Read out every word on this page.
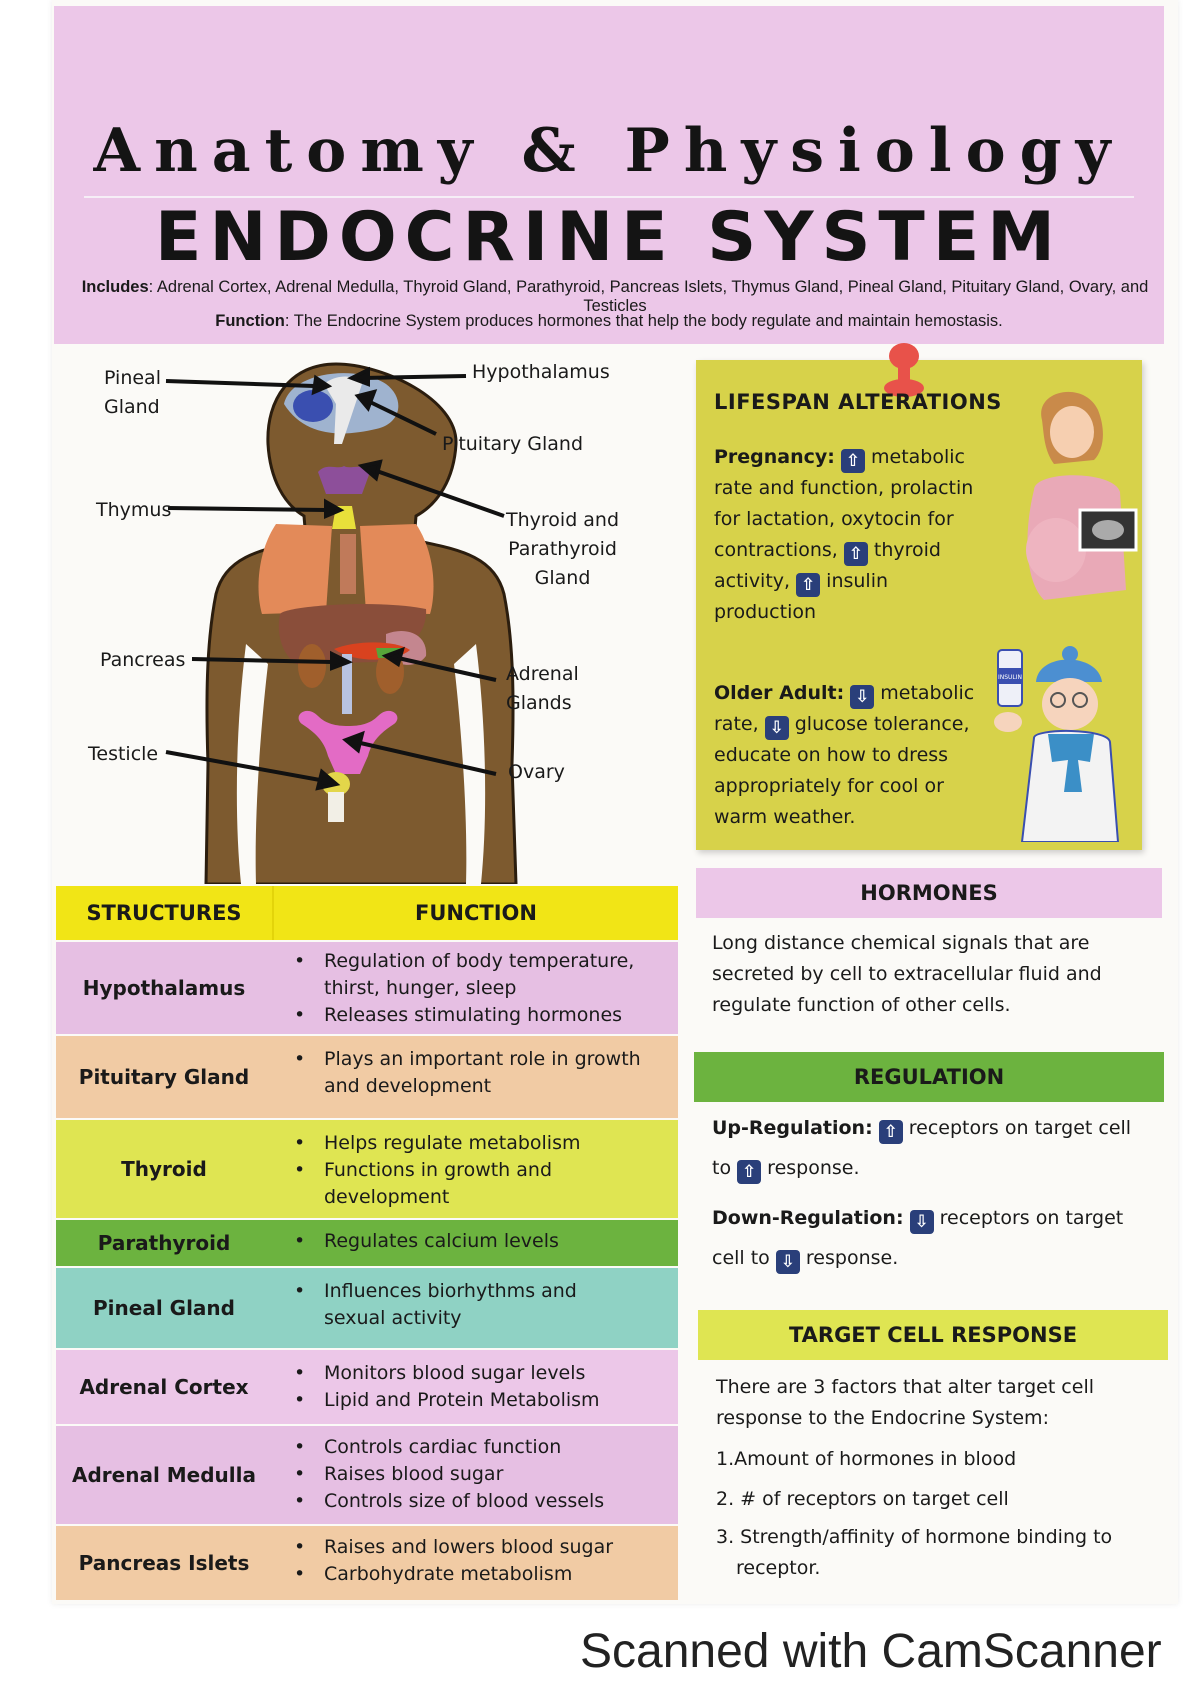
Anatomy & Physiology
ENDOCRINE SYSTEM
Includes: Adrenal Cortex, Adrenal Medulla, Thyroid Gland, Parathyroid, Pancreas Islets, Thymus Gland, Pineal Gland, Pituitary Gland, Ovary, and Testicles
Function: The Endocrine System produces hormones that help the body regulate and maintain hemostasis.
Pineal
Gland
Hypothalamus
Pituitary Gland
Thymus	Thyroid and
Parathyroid
Gland
Pancreas
Adrenal
Glands
Testicle
Ovary
LIFESPAN ALTERATIONS
Pregnancy: ⇧ metabolic rate and function, prolactin for lactation, oxytocin for contractions, ⇧ thyroid activity, ⇧ insulin production
Older Adult: ⇩ metabolic rate, ⇩ glucose tolerance, educate on how to dress appropriately for cool or warm weather.
INSULIN
STRUCTURES	FUNCTION
Hypothalamus
• Regulation of body temperature, thirst, hunger, sleep
• Releases stimulating hormones
Pituitary Gland
• Plays an important role in growth and development
Thyroid
• Helps regulate metabolism
• Functions in growth and development
Parathyroid
•	Regulates calcium levels
Pineal Gland
• Influences biorhythms and sexual activity
Adrenal Cortex
• Monitors blood sugar levels
• Lipid and Protein Metabolism
Adrenal Medulla
• Controls cardiac function
• Raises blood sugar
• Controls size of blood vessels
Pancreas Islets
• Raises and lowers blood sugar
• Carbohydrate metabolism
HORMONES
Long distance chemical signals that are secreted by cell to extracellular fluid and regulate function of other cells.
REGULATION
Up-Regulation: ⇧ receptors on target cell to ⇧ response.
Down-Regulation: ⇩ receptors on target cell to ⇩ response.
TARGET CELL RESPONSE
There are 3 factors that alter target cell response to the Endocrine System:
1.Amount of hormones in blood
2. # of receptors on target cell
3. Strength/affinity of hormone binding to receptor.
Scanned with CamScanner
